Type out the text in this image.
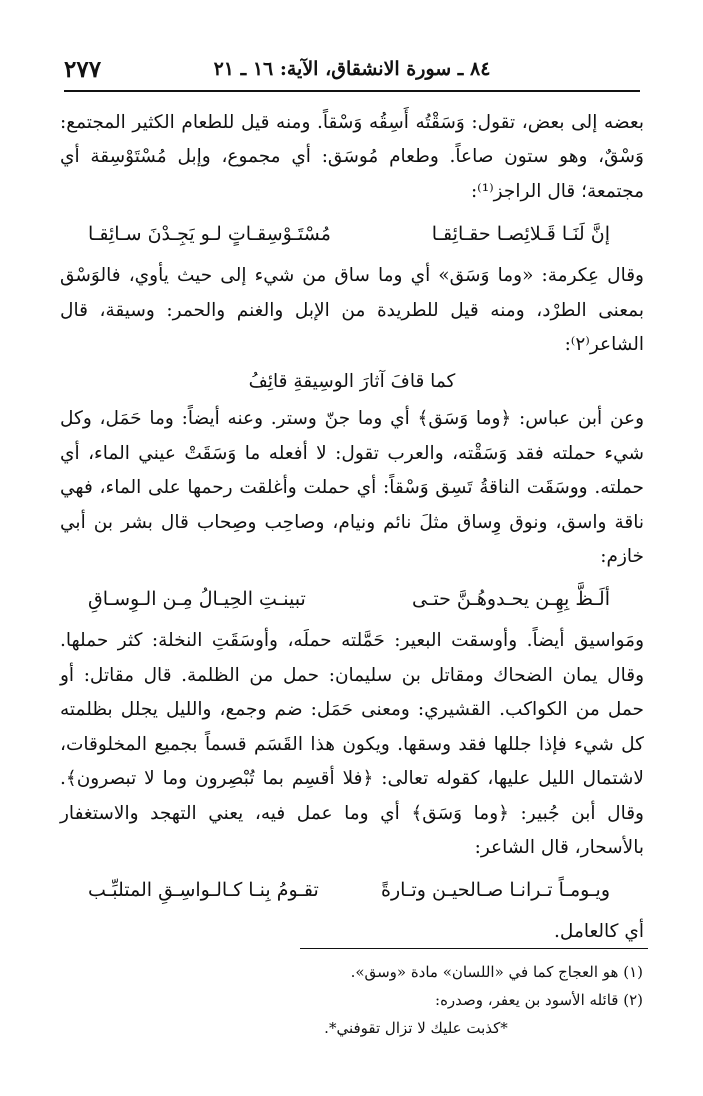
٨٤ ـ سورة الانشقاق، الآية: ١٦ ـ ٢١
٢٧٧

بعضه إلى بعض، تقول: وَسَقْتُه أَسِقُه وَسْقاً. ومنه قيل للطعام الكثير المجتمع: وَسْقٌ، وهو ستون صاعاً. وطعام مُوسَق: أي مجموع، وإبل مُسْتَوْسِقة أي مجتمعة؛ قال الراجز⁽¹⁾:

إنَّ لَنَـا قَـلائِصـا حقـائِقـا
مُسْتَـوْسِقـاتٍ لـو يَجِـدْنَ سـائِقـا

وقال عِكرمة: «وما وَسَق» أي وما ساق من شيء إلى حيث يأوي، فالوَسْق بمعنى الطرْد، ومنه قيل للطريدة من الإبل والغنم والحمر: وسيقة، قال الشاعر⁽٢⁾:

كما قافَ آثارَ الوسِيقةِ قائِفُ

وعن أبن عباس: ﴿وما وَسَق﴾ أي وما جنّ وستر. وعنه أيضاً: وما حَمَل، وكل شيء حملته فقد وَسَقْته، والعرب تقول: لا أفعله ما وَسَقَتْ عيني الماء، أي حملته. ووسَقَت الناقةُ تَسِق وَسْقاً: أي حملت وأغلقت رحمها على الماء، فهي ناقة واسق، ونوق وِساق مثلَ نائم ونيام، وصاحِب وصِحاب قال بشر بن أبي خازم:

ألَـظَّ بِهِـن يحـدوهُـنَّ حتـى
تبينـتِ الحِيـالُ مِـن الـوِسـاقِ

ومَواسيق أيضاً. وأوسقت البعير: حَمَّلته حملَه، وأوسَقَتِ النخلة: كثر حملها. وقال يمان الضحاك ومقاتل بن سليمان: حمل من الظلمة. قال مقاتل: أو حمل من الكواكب. القشيري: ومعنى حَمَل: ضم وجمع، والليل يجلل بظلمته كل شيء فإذا جللها فقد وسقها. ويكون هذا القَسَم قسماً بجميع المخلوقات، لاشتمال الليل عليها، كقوله تعالى: ﴿فلا أقسِم بما تُبْصِرون وما لا تبصرون﴾. وقال أبن جُبير: ﴿وما وَسَق﴾ أي وما عمل فيه، يعني التهجد والاستغفار بالأسحار، قال الشاعر:

ويـومـاً تـرانـا صـالحيـن وتـارةً
تقـومُ بِنـا كـالـواسِـقِ المتلبِّـب

أي كالعامل.

(١) هو العجاج كما في «اللسان» مادة «وسق».
(٢) قائله الأسود بن يعفر، وصدره:
*كذبت عليك لا تزال تقوفني*.
